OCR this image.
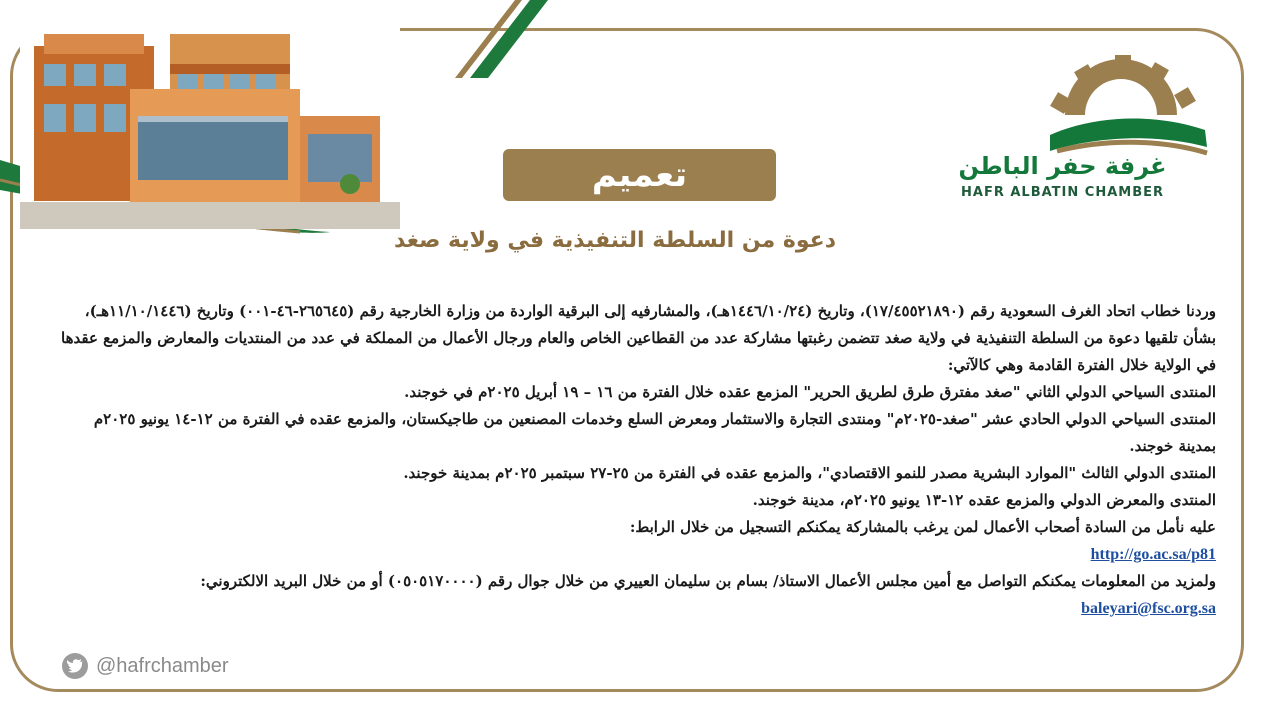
غرفة حفر الباطن
HAFR ALBATIN CHAMBER
تعميم
دعوة من السلطة التنفيذية في ولاية صغد

وردنا خطاب اتحاد الغرف السعودية رقم (١٧/٤٥٥٢١٨٩٠)، وتاريخ (١٤٤٦/١٠/٢٤هـ)، والمشارفيه إلى البرقية الواردة من وزارة الخارجية رقم (٢٦٥٦٤٥-٤٦-٠٠١) وتاريخ (١١/١٠/١٤٤٦هـ)، بشأن تلقيها دعوة من السلطة التنفيذية في ولاية صغد تتضمن رغبتها مشاركة عدد من القطاعين الخاص والعام ورجال الأعمال من المملكة في عدد من المنتديات والمعارض والمزمع عقدها في الولاية خلال الفترة القادمة وهي كالآتي:

المنتدى السياحي الدولي الثاني "صغد مفترق طرق لطريق الحرير" المزمع عقده خلال الفترة من ١٦ – ١٩ أبريل ٢٠٢٥م في خوجند.

المنتدى السياحي الدولي الحادي عشر "صغد-٢٠٢٥م" ومنتدى التجارة والاستثمار ومعرض السلع وخدمات المصنعين من طاجيكستان، والمزمع عقده في الفترة من ١٢-١٤ يونيو ٢٠٢٥م بمدينة خوجند.

المنتدى الدولي الثالث "الموارد البشرية مصدر للنمو الاقتصادي"، والمزمع عقده في الفترة من ٢٥-٢٧ سبتمبر ٢٠٢٥م بمدينة خوجند.

المنتدى والمعرض الدولي والمزمع عقده ١٢-١٣ يونيو ٢٠٢٥م، مدينة خوجند.

عليه نأمل من السادة أصحاب الأعمال لمن يرغب بالمشاركة يمكنكم التسجيل من خلال الرابط:

http://go.ac.sa/p81

ولمزيد من المعلومات يمكنكم التواصل مع أمين مجلس الأعمال الاستاذ/ بسام بن سليمان العييري من خلال جوال رقم (٠٥٠٥١٧٠٠٠٠) أو من خلال البريد الالكتروني:

baleyari@fsc.org.sa

@hafrchamber
